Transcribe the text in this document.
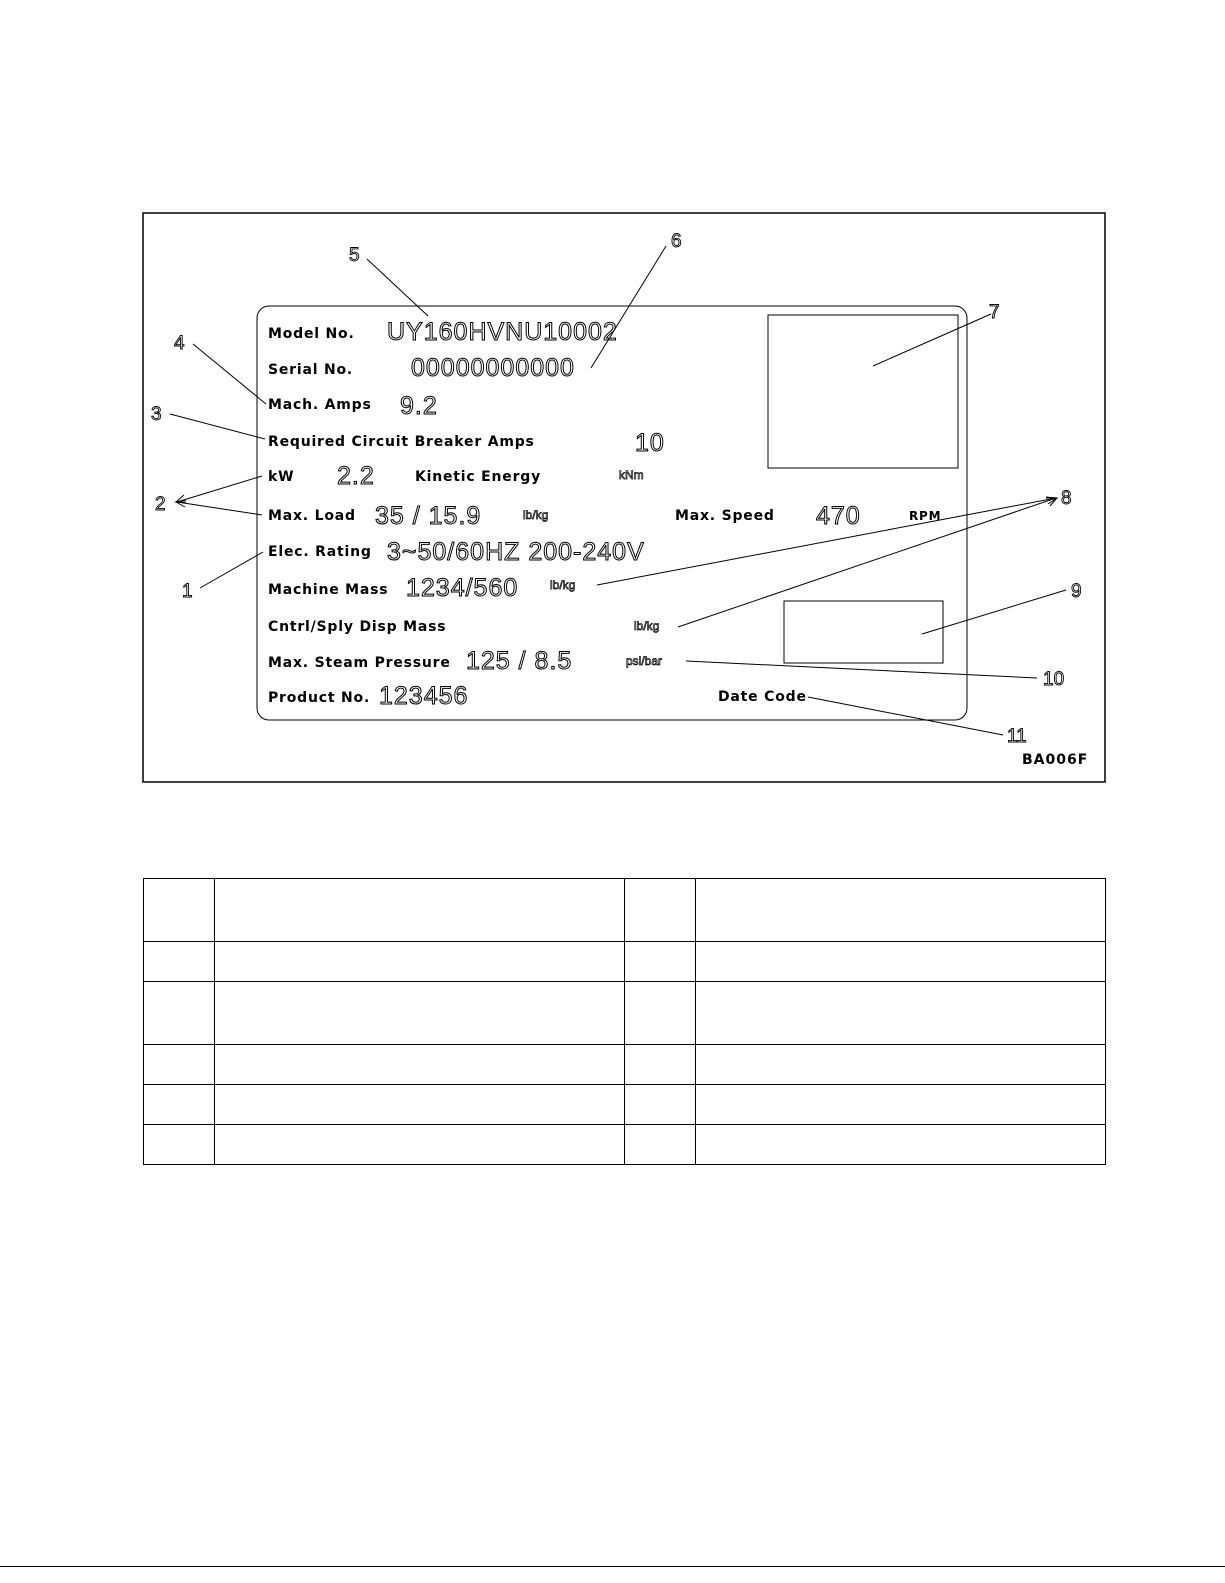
Model No. UY160HVNU10002
Serial No. 00000000000
Mach. Amps 9.2
Required Circuit Breaker Amps	10
kW 2.2	Kinetic Energy	kNm
Max. Load 35 / 15.9	lb/kg	Max. Speed 470	RPM
Elec. Rating 3~50/60HZ 200-240V
Machine Mass 1234/560	lb/kg
Cntrl/Sply Disp Mass	lb/kg
Max. Steam Pressure 125 / 8.5	psi/bar
Product No. 123456	Date Code
1
2
3
4
5
6
7
8
9
10
11
BA006F
